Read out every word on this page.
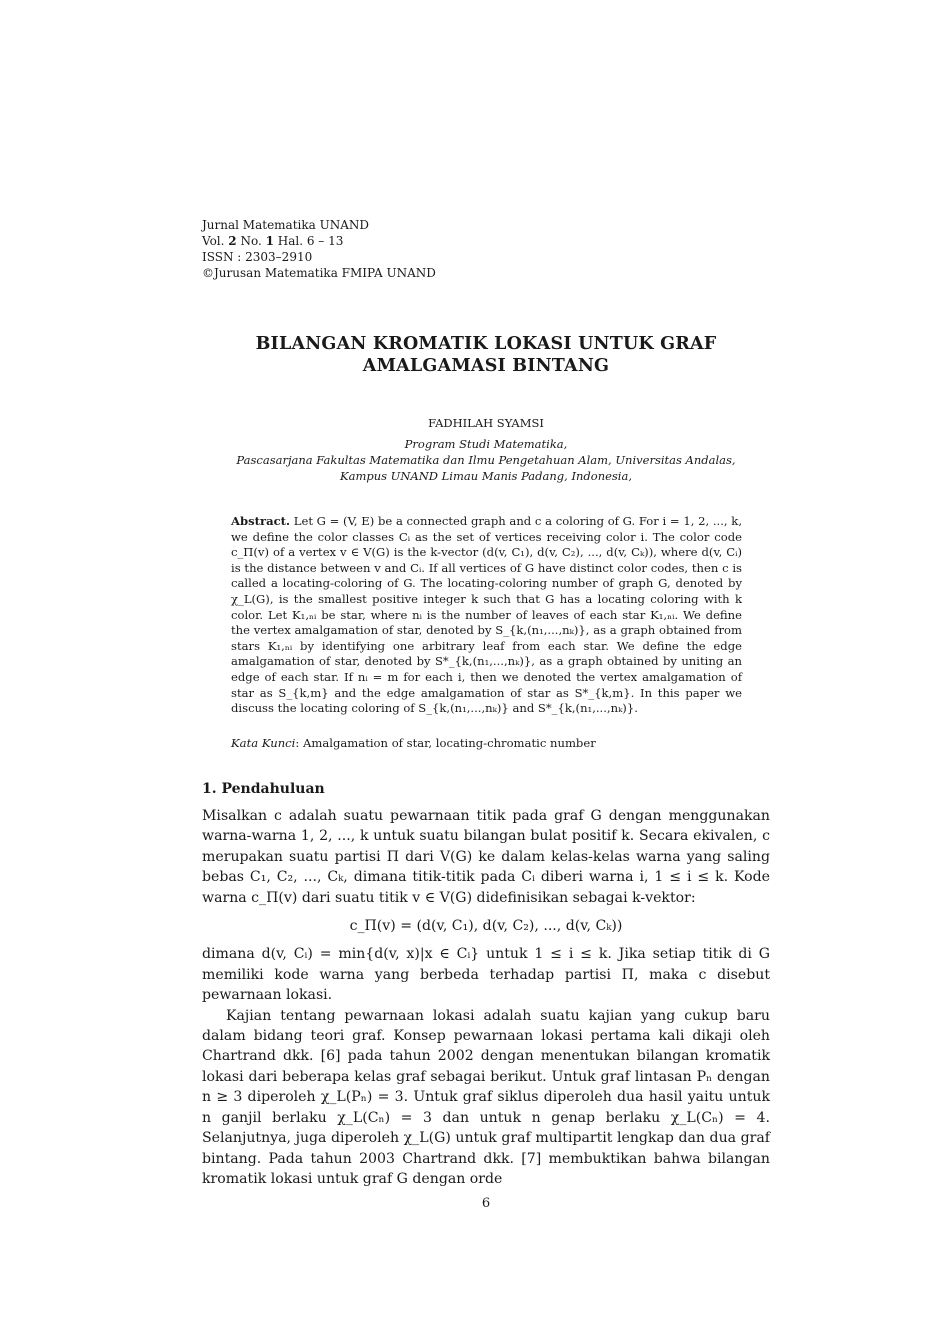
Jurnal Matematika UNAND
Vol. 2 No. 1 Hal. 6 – 13
ISSN : 2303–2910
©Jurusan Matematika FMIPA UNAND
BILANGAN KROMATIK LOKASI UNTUK GRAF
AMALGAMASI BINTANG
FADHILAH SYAMSI
Program Studi Matematika,
Pascasarjana Fakultas Matematika dan Ilmu Pengetahuan Alam, Universitas Andalas,
Kampus UNAND Limau Manis Padang, Indonesia,

Abstract. Let G = (V, E) be a connected graph and c a coloring of G. For i = 1, 2, ..., k, we define the color classes Cᵢ as the set of vertices receiving color i. The color code c_Π(v) of a vertex v ∈ V(G) is the k-vector (d(v, C₁), d(v, C₂), ..., d(v, Cₖ)), where d(v, Cᵢ) is the distance between v and Cᵢ. If all vertices of G have distinct color codes, then c is called a locating-coloring of G. The locating-coloring number of graph G, denoted by χ_L(G), is the smallest positive integer k such that G has a locating coloring with k color. Let K₁,ₙᵢ be star, where nᵢ is the number of leaves of each star K₁,ₙᵢ. We define the vertex amalgamation of star, denoted by S_{k,(n₁,...,nₖ)}, as a graph obtained from stars K₁,ₙᵢ by identifying one arbitrary leaf from each star. We define the edge amalgamation of star, denoted by S*_{k,(n₁,...,nₖ)}, as a graph obtained by uniting an edge of each star. If nᵢ = m for each i, then we denoted the vertex amalgamation of star as S_{k,m} and the edge amalgamation of star as S*_{k,m}. In this paper we discuss the locating coloring of S_{k,(n₁,...,nₖ)} and S*_{k,(n₁,...,nₖ)}.

Kata Kunci: Amalgamation of star, locating-chromatic number
1. Pendahuluan

Misalkan c adalah suatu pewarnaan titik pada graf G dengan menggunakan warna-warna 1, 2, ..., k untuk suatu bilangan bulat positif k. Secara ekivalen, c merupakan suatu partisi Π dari V(G) ke dalam kelas-kelas warna yang saling bebas C₁, C₂, ..., Cₖ, dimana titik-titik pada Cᵢ diberi warna i, 1 ≤ i ≤ k. Kode warna c_Π(v) dari suatu titik v ∈ V(G) didefinisikan sebagai k-vektor:

c_Π(v) = (d(v, C₁), d(v, C₂), ..., d(v, Cₖ))

dimana d(v, Cᵢ) = min{d(v, x)|x ∈ Cᵢ} untuk 1 ≤ i ≤ k. Jika setiap titik di G memiliki kode warna yang berbeda terhadap partisi Π, maka c disebut pewarnaan lokasi.

Kajian tentang pewarnaan lokasi adalah suatu kajian yang cukup baru dalam bidang teori graf. Konsep pewarnaan lokasi pertama kali dikaji oleh Chartrand dkk. [6] pada tahun 2002 dengan menentukan bilangan kromatik lokasi dari beberapa kelas graf sebagai berikut. Untuk graf lintasan Pₙ dengan n ≥ 3 diperoleh χ_L(Pₙ) = 3. Untuk graf siklus diperoleh dua hasil yaitu untuk n ganjil berlaku χ_L(Cₙ) = 3 dan untuk n genap berlaku χ_L(Cₙ) = 4. Selanjutnya, juga diperoleh χ_L(G) untuk graf multipartit lengkap dan dua graf bintang. Pada tahun 2003 Chartrand dkk. [7] membuktikan bahwa bilangan kromatik lokasi untuk graf G dengan orde

6
